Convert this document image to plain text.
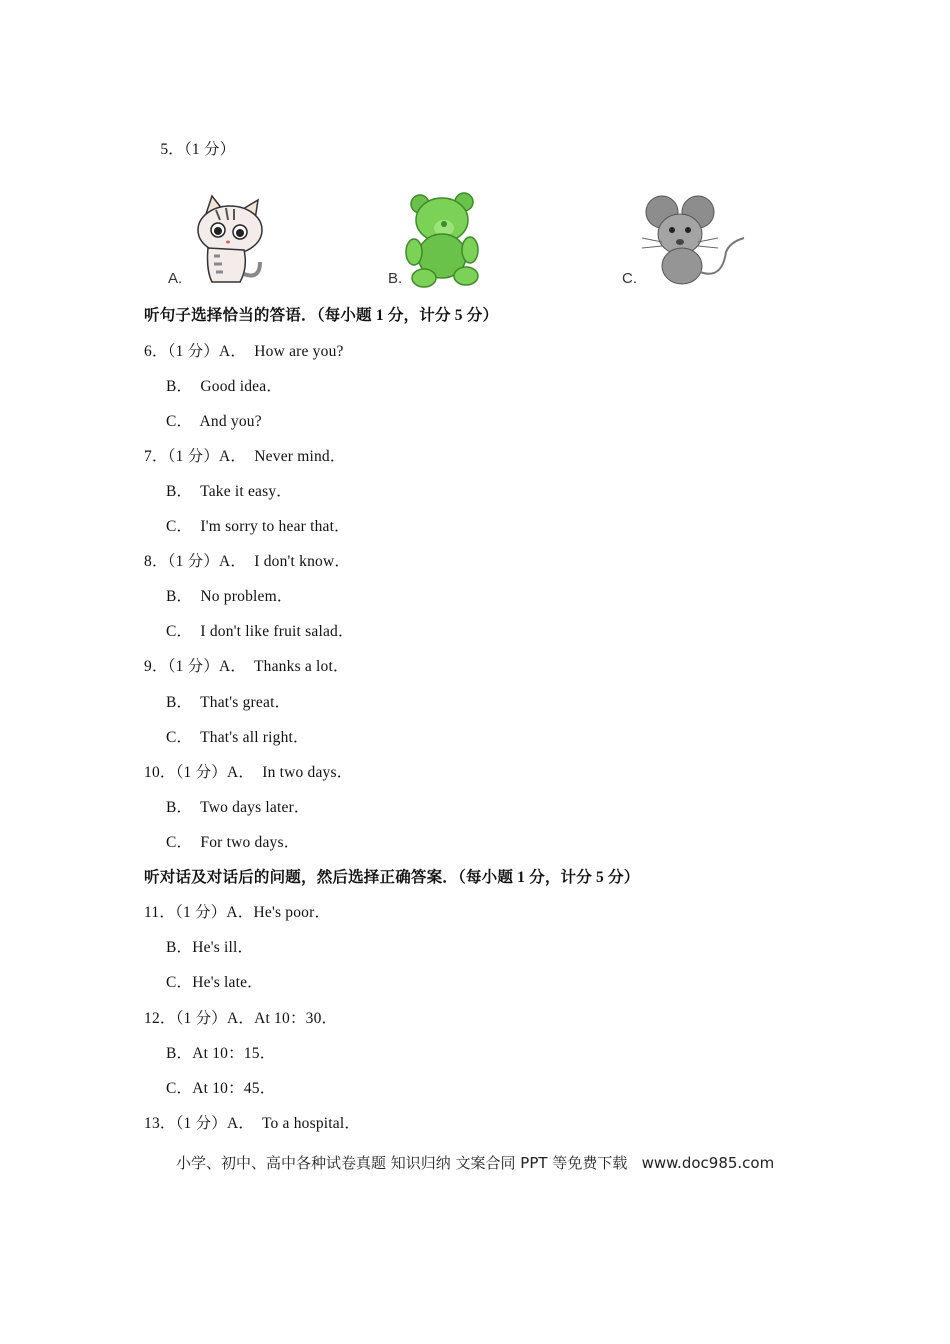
5．（1 分）

A.	B.	C.
听句子选择恰当的答语．（每小题 1 分，计分 5 分）
6．（1 分）A．  How are you?
B．  Good idea．
C．  And you?
7．（1 分）A．  Never mind．
B．  Take it easy．
C．  I'm sorry to hear that．
8．（1 分）A．  I don't know．
B．  No problem．
C．  I don't like fruit salad．
9．（1 分）A．  Thanks a lot．
B．  That's great．
C．  That's all right．
10．（1 分）A．  In two days．
B．  Two days later．
C．  For two days．
听对话及对话后的问题，然后选择正确答案．（每小题 1 分，计分 5 分）
11．（1 分）A．He's poor．
B．He's ill．
C．He's late．
12．（1 分）A．At 10：30．
B．At 10：15．
C．At 10：45．
13．（1 分）A．  To a hospital．
小学、初中、高中各种试卷真题 知识归纳 文案合同 PPT 等免费下载   www.doc985.com
